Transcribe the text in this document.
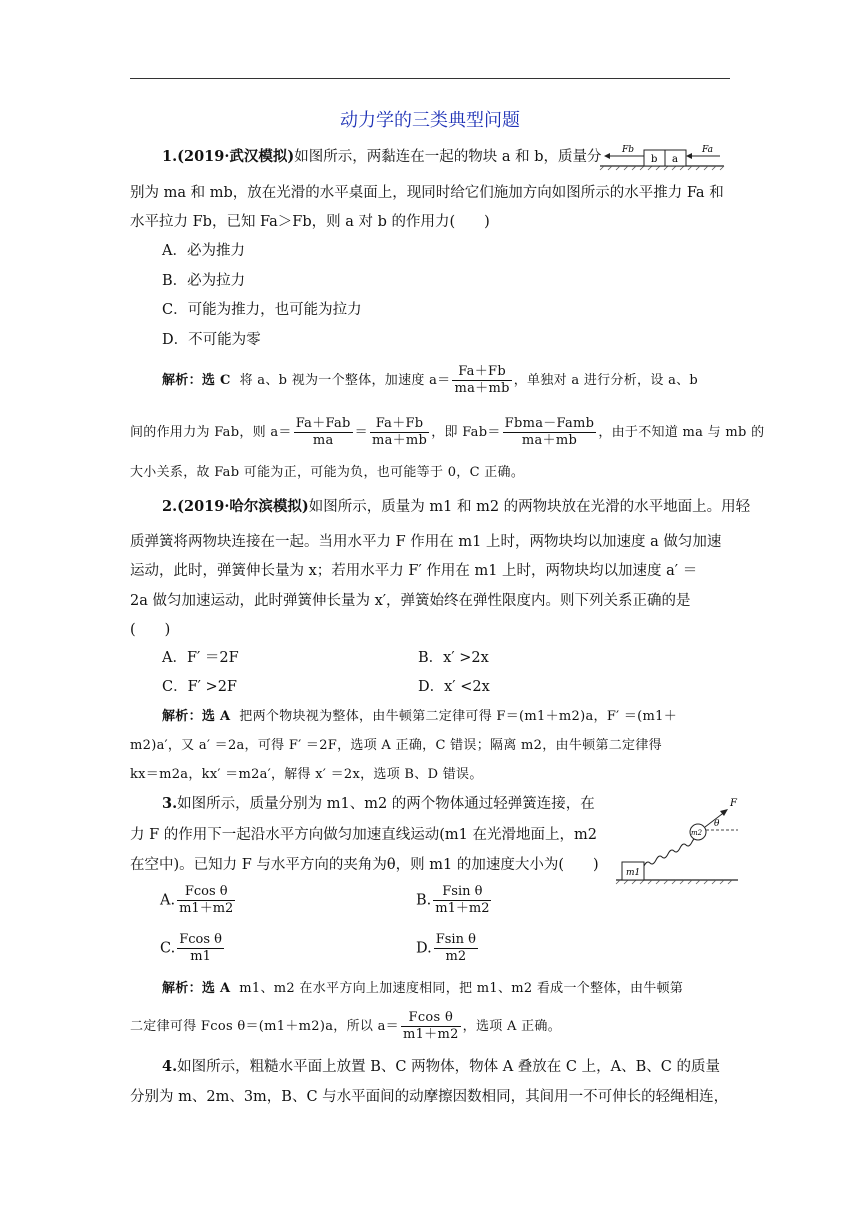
动力学的三类典型问题
1.(2019·武汉模拟)如图所示，两黏连在一起的物块 a 和 b，质量分	b a
Fb	Fa
别为 ma 和 mb，放在光滑的水平桌面上，现同时给它们施加方向如图所示的水平推力 Fa 和
水平拉力 Fb，已知 Fa＞Fb，则 a 对 b 的作用力(　　)
A．必为推力
B．必为拉力
C．可能为推力，也可能为拉力
D．不可能为零
解析：选 C 将 a、b 视为一个整体，加速度 $a= \frac{Fa+Fb}{ma+mb}$ ，单独对 a 进行分析，设 a、b
间的作用力为 Fab，则 $a= \frac{\text{Fa＋Fab}}{ma} = \frac{Fa+Fb}{ma+mb}$ ，即 $Fab= \frac{\text{Fbma－Famb}}{ma+mb}$ ，由于不知道 ma 与 mb 的
大小关系，故 Fab 可能为正，可能为负，也可能等于 0，C 正确。
2.(2019·哈尔滨模拟)如图所示，质量为 m1 和 m2 的两物块放在光滑的水平地面上。用轻
质弹簧将两物块连接在一起。当用水平力 F 作用在 m1 上时，两物块均以加速度 a 做匀加速
运动，此时，弹簧伸长量为 x；若用水平力 F′ 作用在 m1 上时，两物块均以加速度 a′ ＝
2a 做匀加速运动，此时弹簧伸长量为 x′，弹簧始终在弹性限度内。则下列关系正确的是
(　　)
A．F′ ＝2F	B．x′ >2x
C．F′ >2F	D．x′ <2x
解析：选 A 把两个物块视为整体，由牛顿第二定律可得 F＝(m1＋m2)a，F′ ＝(m1＋
m2)a′，又 a′ ＝2a，可得 F′ ＝2F，选项 A 正确，C 错误；隔离 m2，由牛顿第二定律得
kx＝m2a，kx′ ＝m2a′，解得 x′ ＝2x，选项 B、D 错误。
3.如图所示，质量分别为 m1、m2 的两个物体通过轻弹簧连接，在
力 F 的作用下一起沿水平方向做匀加速直线运动(m1 在光滑地面上，m2
在空中)。已知力 F 与水平方向的夹角为θ，则 m1 的加速度大小为(　　)	m1
m2
F
θ
A. $\frac{\text{Fcos θ}}{m1+m2}$	B. $\frac{\text{Fsin θ}}{m1+m2}$
C. $\frac{\text{Fcos θ}}{m1}$	D. $\frac{\text{Fsin θ}}{m2}$
解析：选 A m1、m2 在水平方向上加速度相同，把 m1、m2 看成一个整体，由牛顿第
二定律可得 Fcos θ＝(m1＋m2)a，所以 $a= \frac{\text{Fcos θ}}{m1+m2}$ ，选项 A 正确。
4.如图所示，粗糙水平面上放置 B、C 两物体，物体 A 叠放在 C 上，A、B、C 的质量
分别为 m、2m、3m，B、C 与水平面间的动摩擦因数相同，其间用一不可伸长的轻绳相连，
